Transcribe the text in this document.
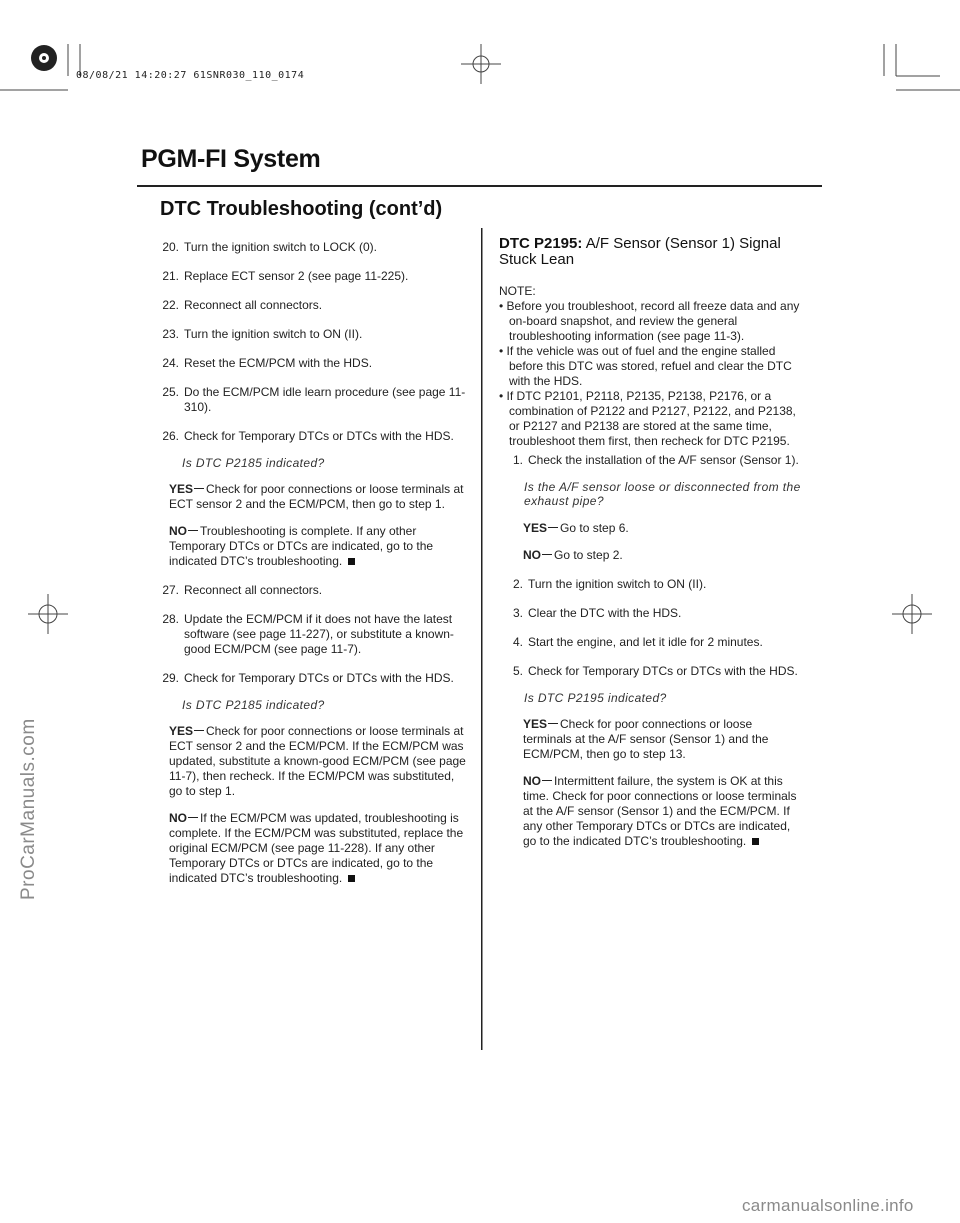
08/08/21 14:20:27 61SNR030_110_0174
PGM-FI System
DTC Troubleshooting (cont’d)
20. Turn the ignition switch to LOCK (0).
21. Replace ECT sensor 2 (see page 11-225).
22. Reconnect all connectors.
23. Turn the ignition switch to ON (II).
24. Reset the ECM/PCM with the HDS.
25. Do the ECM/PCM idle learn procedure (see page 11-310).
26. Check for Temporary DTCs or DTCs with the HDS.
Is DTC P2185 indicated?
YES Check for poor connections or loose terminals at ECT sensor 2 and the ECM/PCM, then go to step 1.
NO Troubleshooting is complete. If any other Temporary DTCs or DTCs are indicated, go to the indicated DTC’s troubleshooting.
27. Reconnect all connectors.
28. Update the ECM/PCM if it does not have the latest software (see page 11-227), or substitute a known-good ECM/PCM (see page 11-7).
29. Check for Temporary DTCs or DTCs with the HDS.
Is DTC P2185 indicated?
YES Check for poor connections or loose terminals at ECT sensor 2 and the ECM/PCM. If the ECM/PCM was updated, substitute a known-good ECM/PCM (see page 11-7), then recheck. If the ECM/PCM was substituted, go to step 1.
NO If the ECM/PCM was updated, troubleshooting is complete. If the ECM/PCM was substituted, replace the original ECM/PCM (see page 11-228). If any other Temporary DTCs or DTCs are indicated, go to the indicated DTC’s troubleshooting.
DTC P2195: A/F Sensor (Sensor 1) Signal Stuck Lean
NOTE:
• Before you troubleshoot, record all freeze data and any on-board snapshot, and review the general troubleshooting information (see page 11-3).
• If the vehicle was out of fuel and the engine stalled before this DTC was stored, refuel and clear the DTC with the HDS.
• If DTC P2101, P2118, P2135, P2138, P2176, or a combination of P2122 and P2127, P2122, and P2138, or P2127 and P2138 are stored at the same time, troubleshoot them first, then recheck for DTC P2195.
1. Check the installation of the A/F sensor (Sensor 1).
Is the A/F sensor loose or disconnected from the exhaust pipe?
YES Go to step 6.
NO Go to step 2.
2. Turn the ignition switch to ON (II).
3. Clear the DTC with the HDS.
4. Start the engine, and let it idle for 2 minutes.
5. Check for Temporary DTCs or DTCs with the HDS.
Is DTC P2195 indicated?
YES Check for poor connections or loose terminals at the A/F sensor (Sensor 1) and the ECM/PCM, then go to step 13.
NO Intermittent failure, the system is OK at this time. Check for poor connections or loose terminals at the A/F sensor (Sensor 1) and the ECM/PCM. If any other Temporary DTCs or DTCs are indicated, go to the indicated DTC’s troubleshooting.
ProCarManuals.com
carmanualsonline.info
